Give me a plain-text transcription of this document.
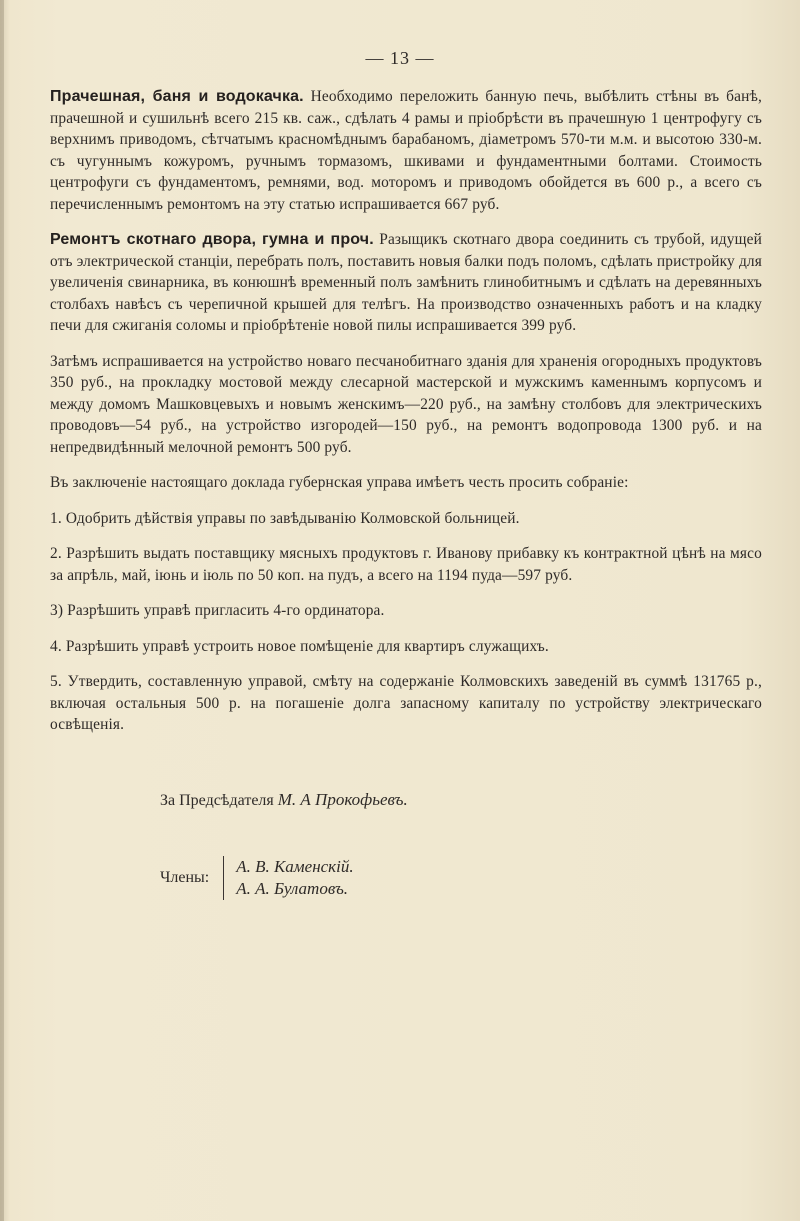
— 13 —

Прачешная, баня и водокачка. Необходимо переложить банную печь, выбѣлить стѣны въ банѣ, прачешной и сушильнѣ всего 215 кв. саж., сдѣлать 4 рамы и пріобрѣсти въ прачешную 1 центрофугу съ верхнимъ приводомъ, сѣтчатымъ красномѣднымъ барабаномъ, діаметромъ 570-ти м.м. и высотою 330-м. съ чугуннымъ кожуромъ, ручнымъ тормазомъ, шкивами и фундаментными болтами. Стоимость центрофуги съ фундаментомъ, ремнями, вод. моторомъ и приводомъ обойдется въ 600 р., а всего съ перечисленнымъ ремонтомъ на эту статью испрашивается 667 руб.

Ремонтъ скотнаго двора, гумна и проч. Разыщикъ скотнаго двора соединить съ трубой, идущей отъ электрической станціи, перебрать полъ, поставить новыя балки подъ поломъ, сдѣлать пристройку для увеличенія свинарника, въ конюшнѣ временный полъ замѣнить глинобитнымъ и сдѣлать на деревянныхъ столбахъ навѣсъ съ черепичной крышей для телѣгъ. На производство означенныхъ работъ и на кладку печи для сжиганія соломы и пріобрѣтеніе новой пилы испрашивается 399 руб.

Затѣмъ испрашивается на устройство новаго песчанобитнаго зданія для храненія огородныхъ продуктовъ 350 руб., на прокладку мостовой между слесарной мастерской и мужскимъ каменнымъ корпусомъ и между домомъ Машковцевыхъ и новымъ женскимъ—220 руб., на замѣну столбовъ для электрическихъ проводовъ—54 руб., на устройство изгородей—150 руб., на ремонтъ водопровода 1300 руб. и на непредвидѣнный мелочной ремонтъ 500 руб.

Въ заключеніе настоящаго доклада губернская управа имѣетъ честь просить собраніе:

1. Одобрить дѣйствія управы по завѣдыванію Колмовской больницей.

2. Разрѣшить выдать поставщику мясныхъ продуктовъ г. Иванову прибавку къ контрактной цѣнѣ на мясо за апрѣль, май, іюнь и іюль по 50 коп. на пудъ, а всего на 1194 пуда—597 руб.

3) Разрѣшить управѣ пригласить 4-го ординатора.

4. Разрѣшить управѣ устроить новое помѣщеніе для квартиръ служащихъ.

5. Утвердить, составленную управой, смѣту на содержаніе Колмовскихъ заведеній въ суммѣ 131765 р., включая остальныя 500 р. на погашеніе долга запасному капиталу по устройству электрическаго освѣщенія.

За Предсѣдателя М. А Прокофьевъ.
Члены:
А. В. Каменскій.
А. А. Булатовъ.
